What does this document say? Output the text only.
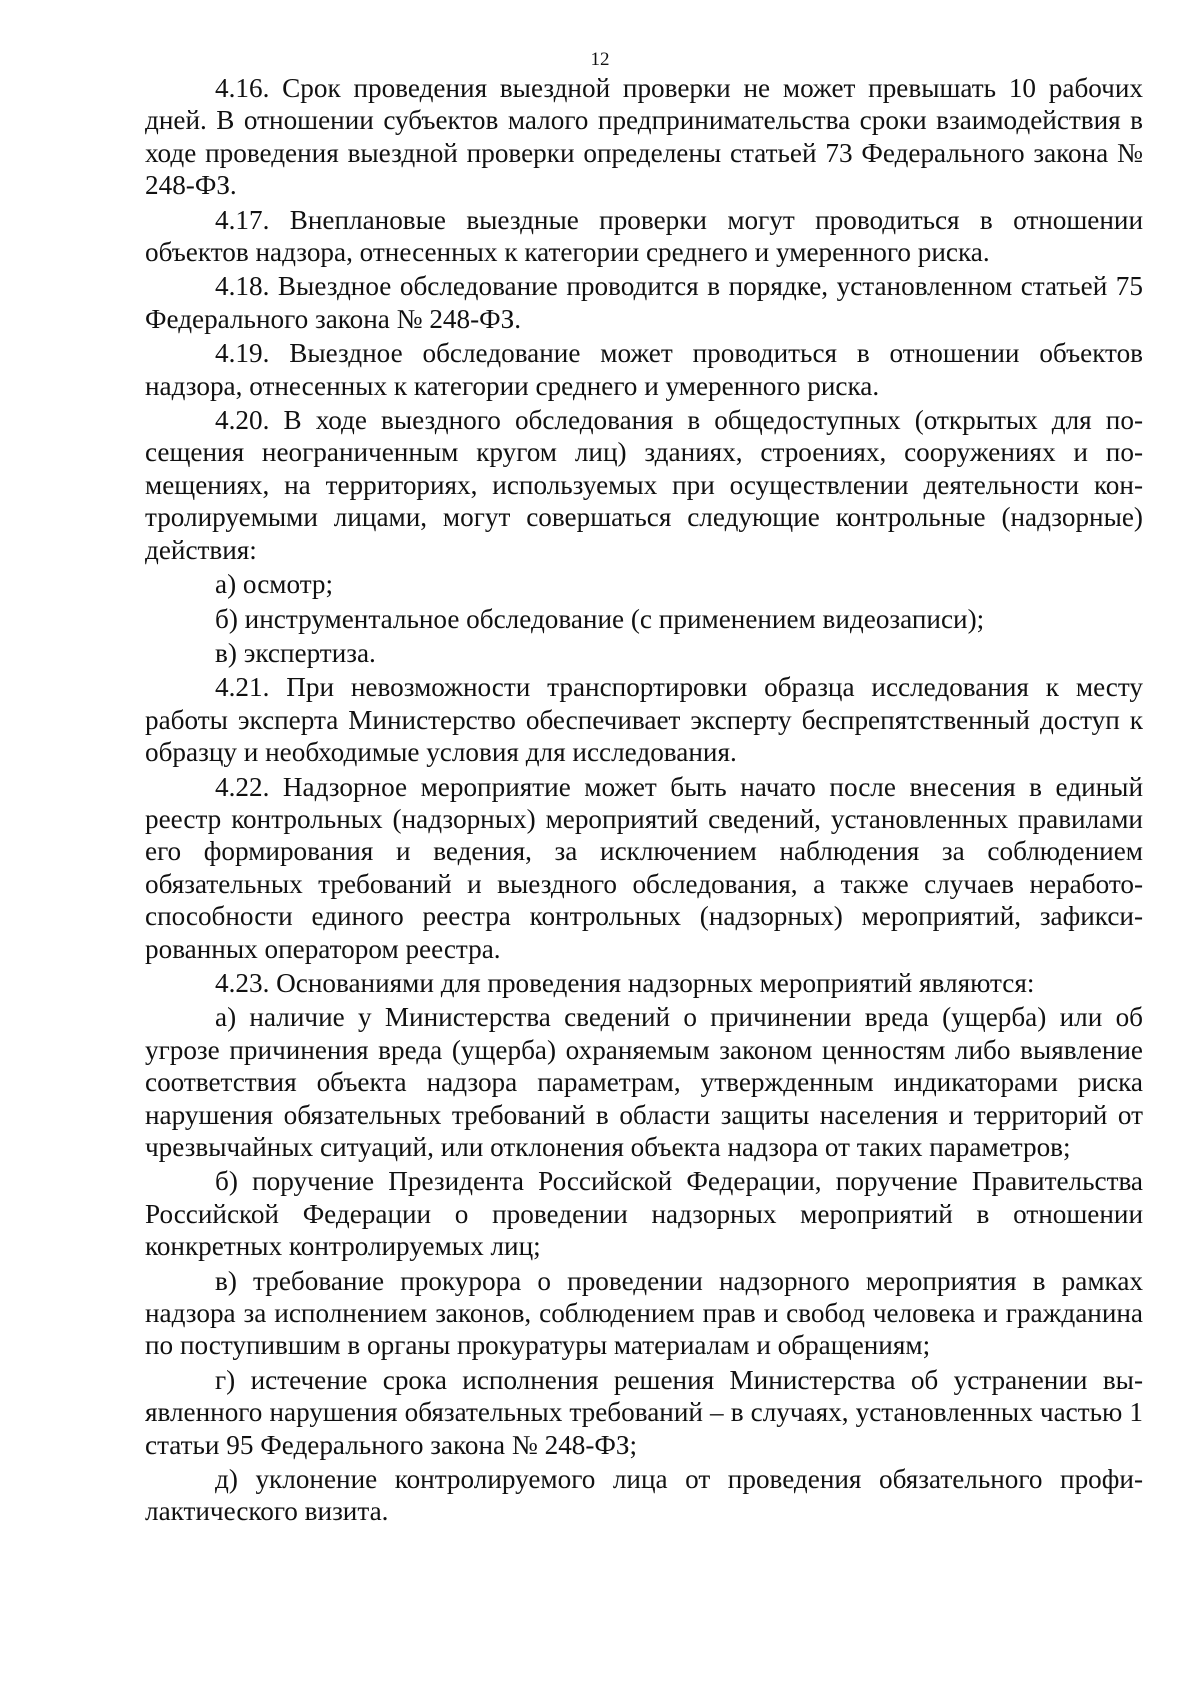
12

4.16. Срок проведения выездной проверки не может превышать 10 рабочих дней. В отношении субъектов малого предпринимательства сроки взаимодействия в ходе проведения выездной проверки определены статьей 73 Федерального закона № 248-ФЗ.

4.17. Внеплановые выездные проверки могут проводиться в отношении объектов надзора, отнесенных к категории среднего и умеренного риска.

4.18. Выездное обследование проводится в порядке, установленном статьей 75 Федерального закона № 248-ФЗ.

4.19. Выездное обследование может проводиться в отношении объектов надзора, отнесенных к категории среднего и умеренного риска.

4.20. В ходе выездного обследования в общедоступных (открытых для посещения неограниченным кругом лиц) зданиях, строениях, сооружениях и помещениях, на территориях, используемых при осуществлении деятельности контролируемыми лицами, могут совершаться следующие контрольные (надзорные) действия:

а) осмотр;

б) инструментальное обследование (с применением видеозаписи);

в) экспертиза.

4.21. При невозможности транспортировки образца исследования к месту работы эксперта Министерство обеспечивает эксперту беспрепятственный доступ к образцу и необходимые условия для исследования.

4.22. Надзорное мероприятие может быть начато после внесения в единый реестр контрольных (надзорных) мероприятий сведений, установленных правилами его формирования и ведения, за исключением наблюдения за соблюдением обязательных требований и выездного обследования, а также случаев неработоспособности единого реестра контрольных (надзорных) мероприятий, зафиксированных оператором реестра.

4.23. Основаниями для проведения надзорных мероприятий являются:

а) наличие у Министерства сведений о причинении вреда (ущерба) или об угрозе причинения вреда (ущерба) охраняемым законом ценностям либо выявление соответствия объекта надзора параметрам, утвержденным индикаторами риска нарушения обязательных требований в области защиты населения и территорий от чрезвычайных ситуаций, или отклонения объекта надзора от таких параметров;

б) поручение Президента Российской Федерации, поручение Правительства Российской Федерации о проведении надзорных мероприятий в отношении конкретных контролируемых лиц;

в) требование прокурора о проведении надзорного мероприятия в рамках надзора за исполнением законов, соблюдением прав и свобод человека и гражданина по поступившим в органы прокуратуры материалам и обращениям;

г) истечение срока исполнения решения Министерства об устранении выявленного нарушения обязательных требований – в случаях, установленных частью 1 статьи 95 Федерального закона № 248-ФЗ;

д) уклонение контролируемого лица от проведения обязательного профилактического визита.
